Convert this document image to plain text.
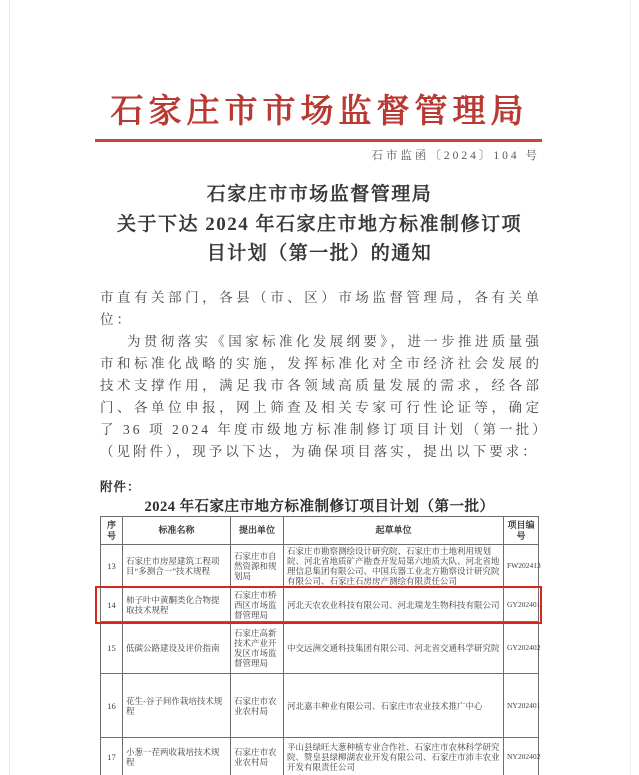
石家庄市市场监督管理局
石市监函〔2024〕104 号
石家庄市市场监督管理局
关于下达 2024 年石家庄市地方标准制修订项
目计划（第一批）的通知

市直有关部门，各县（市、区）市场监督管理局，各有关单位：

为贯彻落实《国家标准化发展纲要》，进一步推进质量强市和标准化战略的实施，发挥标准化对全市经济社会发展的技术支撑作用，满足我市各领域高质量发展的需求，经各部门、各单位申报，网上筛查及相关专家可行性论证等，确定了 36 项 2024 年度市级地方标准制修订项目计划（第一批）（见附件），现予以下达，为确保项目落实，提出以下要求：

附件：
2024 年石家庄市地方标准制修订项目计划（第一批）
序号	标准名称	提出单位	起草单位	项目编号
13	石家庄市房屋建筑工程项目“多测合一”技术规程	石家庄市自然资源和规划局	石家庄市勘察测绘设计研究院、石家庄市土地利用规划院、河北省地质矿产勘查开发局第六地质大队、河北省地理信息集团有限公司、中国兵器工业北方勘察设计研究院有限公司、石家庄石房房产测绘有限责任公司	FW202413
14	柿子叶中黄酮类化合物提取技术规程	石家庄市桥西区市场监督管理局	河北天农农业科技有限公司、河北瑞龙生物科技有限公司	GY202401
15	低碳公路建设及评价指南	石家庄高新技术产业开发区市场监督管理局	中交远洲交通科技集团有限公司、河北省交通科学研究院	GY202402
16	花生-谷子间作栽培技术规程	石家庄市农业农村局	河北嘉丰种业有限公司、石家庄市农业技术推广中心	NY202401
17	小葱一茬两收栽培技术规程	石家庄市农业农村局	平山县绿旺大葱种植专业合作社、石家庄市农林科学研究院、赞皇县绿柳湖农业开发有限公司、石家庄市沛丰农业开发有限责任公司	NY202402
